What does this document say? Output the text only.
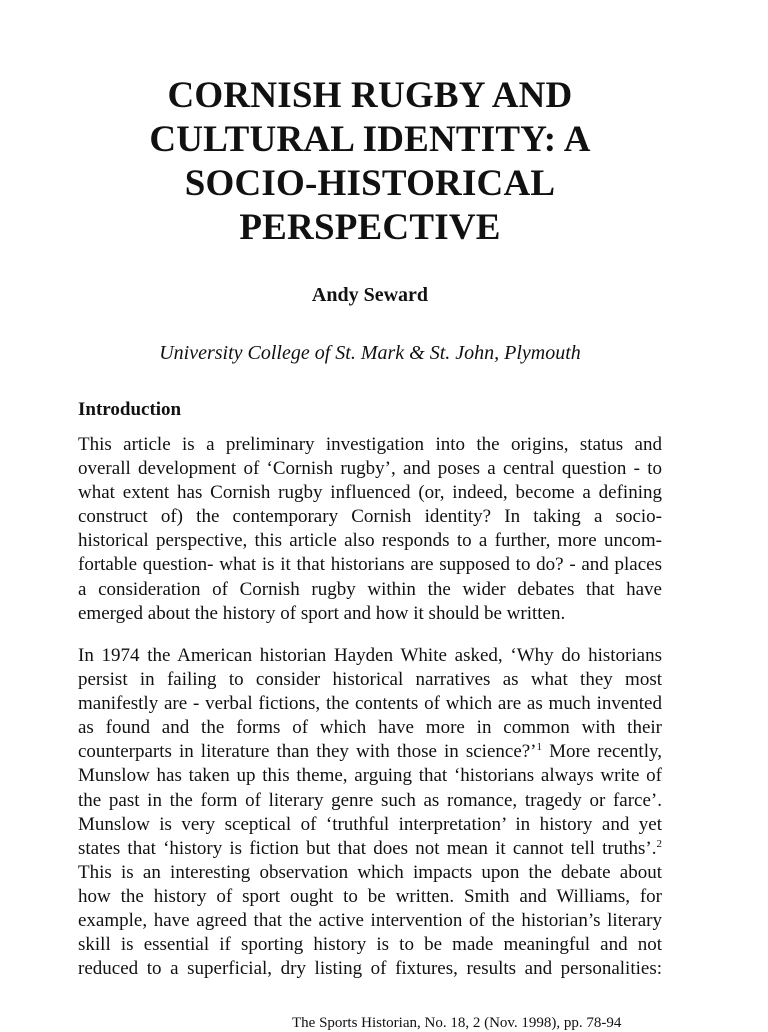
CORNISH RUGBY AND
CULTURAL IDENTITY: A
SOCIO-HISTORICAL
PERSPECTIVE

Andy Seward

University College of St. Mark & St. John, Plymouth

Introduction
This article is a preliminary investigation into the origins, status and
overall development of ‘Cornish rugby’, and poses a central question - to
what extent has Cornish rugby influenced (or, indeed, become a defining
construct of) the contemporary Cornish identity? In taking a socio-
historical perspective, this article also responds to a further, more uncom-
fortable question- what is it that historians are supposed to do? - and places
a consideration of Cornish rugby within the wider debates that have
emerged about the history of sport and how it should be written.
In 1974 the American historian Hayden White asked, ‘Why do historians
persist in failing to consider historical narratives as what they most
manifestly are - verbal fictions, the contents of which are as much invented
as found and the forms of which have more in common with their
counterparts in literature than they with those in science?’$^1$ More recently,
Munslow has taken up this theme, arguing that ‘historians always write of
the past in the form of literary genre such as romance, tragedy or farce’.
Munslow is very sceptical of ‘truthful interpretation’ in history and yet
states that ‘history is fiction but that does not mean it cannot tell truths’.$^2$
This is an interesting observation which impacts upon the debate about
how the history of sport ought to be written. Smith and Williams, for
example, have agreed that the active intervention of the historian’s literary
skill is essential if sporting history is to be made meaningful and not
reduced to a superficial, dry listing of fixtures, results and personalities:

The Sports Historian, No. 18, 2 (Nov. 1998), pp. 78-94
